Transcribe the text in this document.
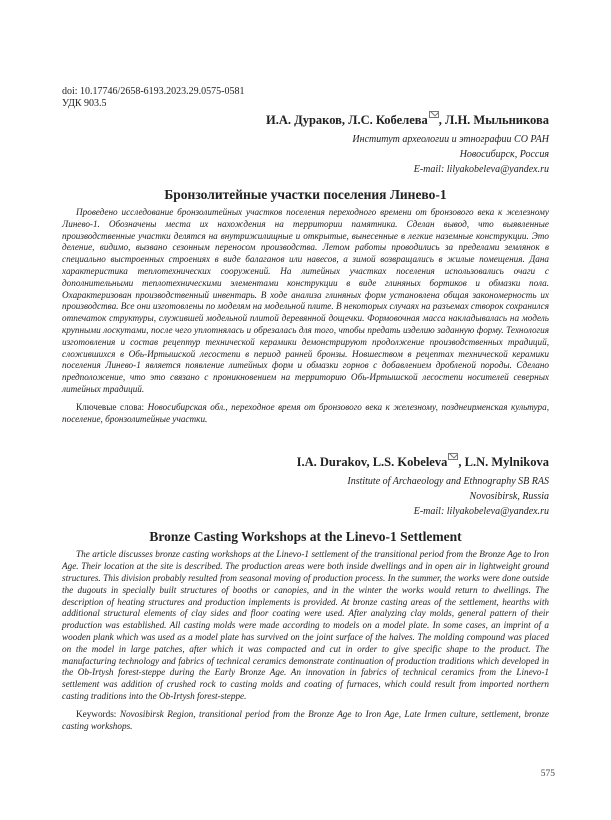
doi: 10.17746/2658-6193.2023.29.0575-0581
УДК 903.5
И.А. Дураков, Л.С. Кобелева , Л.Н. Мыльникова
Институт археологии и этнографии СО РАН
Новосибирск, Россия
E-mail: lilyakobeleva@yandex.ru
Бронзолитейные участки поселения Линево-1
Проведено исследование бронзолитейных участков поселения переходного времени от бронзового века к железному Линево-1. Обозначены места их нахождения на территории памятника. Сделан вывод, что выявленные производственные участки делятся на внутрижилищные и открытые, вынесенные в легкие наземные конструкции. Это деление, видимо, вызвано сезонным переносом производства. Летом работы проводились за пределами землянок в специально выстроенных строениях в виде балаганов или навесов, а зимой возвращались в жилые помещения. Дана характеристика теплотехнических сооружений. На литейных участках поселения использовались очаги с дополнительными теплотехническими элементами конструкции в виде глиняных бортиков и обмазки пола. Охарактеризован производственный инвентарь. В ходе анализа глиняных форм установлена общая закономерность их производства. Все они изготовлены по моделям на модельной плите. В некоторых случаях на разъемах створок сохранился отпечаток структуры, служившей модельной плитой деревянной дощечки. Формовочная масса накладывалась на модель крупными лоскутами, после чего уплотнялась и обрезалась для того, чтобы предать изделию заданную форму. Технология изготовления и состав рецептур технической керамики демонстрируют продолжение производственных традиций, сложившихся в Обь-Иртышской лесостепи в период ранней бронзы. Новшеством в рецептах технической керамики поселения Линево-1 является появление литейных форм и обмазки горнов с добавлением дробленой породы. Сделано предположение, что это связано с проникновением на территорию Обь-Иртышской лесостепи носителей северных литейных традиций.
Ключевые слова: Новосибирская обл., переходное время от бронзового века к железному, позднеирменская культура, поселение, бронзолитейные участки.
I.A. Durakov, L.S. Kobeleva , L.N. Mylnikova
Institute of Archaeology and Ethnography SB RAS
Novosibirsk, Russia
E-mail: lilyakobeleva@yandex.ru
Bronze Casting Workshops at the Linevo-1 Settlement
The article discusses bronze casting workshops at the Linevo-1 settlement of the transitional period from the Bronze Age to Iron Age. Their location at the site is described. The production areas were both inside dwellings and in open air in lightweight ground structures. This division probably resulted from seasonal moving of production process. In the summer, the works were done outside the dugouts in specially built structures of booths or canopies, and in the winter the works would return to dwellings. The description of heating structures and production implements is provided. At bronze casting areas of the settlement, hearths with additional structural elements of clay sides and floor coating were used. After analyzing clay molds, general pattern of their production was established. All casting molds were made according to models on a model plate. In some cases, an imprint of a wooden plank which was used as a model plate has survived on the joint surface of the halves. The molding compound was placed on the model in large patches, after which it was compacted and cut in order to give specific shape to the product. The manufacturing technology and fabrics of technical ceramics demonstrate continuation of production traditions which developed in the Ob-Irtysh forest-steppe during the Early Bronze Age. An innovation in fabrics of technical ceramics from the Linevo-1 settlement was addition of crushed rock to casting molds and coating of furnaces, which could result from imported northern casting traditions into the Ob-Irtysh forest-steppe.
Keywords: Novosibirsk Region, transitional period from the Bronze Age to Iron Age, Late Irmen culture, settlement, bronze casting workshops.
575
